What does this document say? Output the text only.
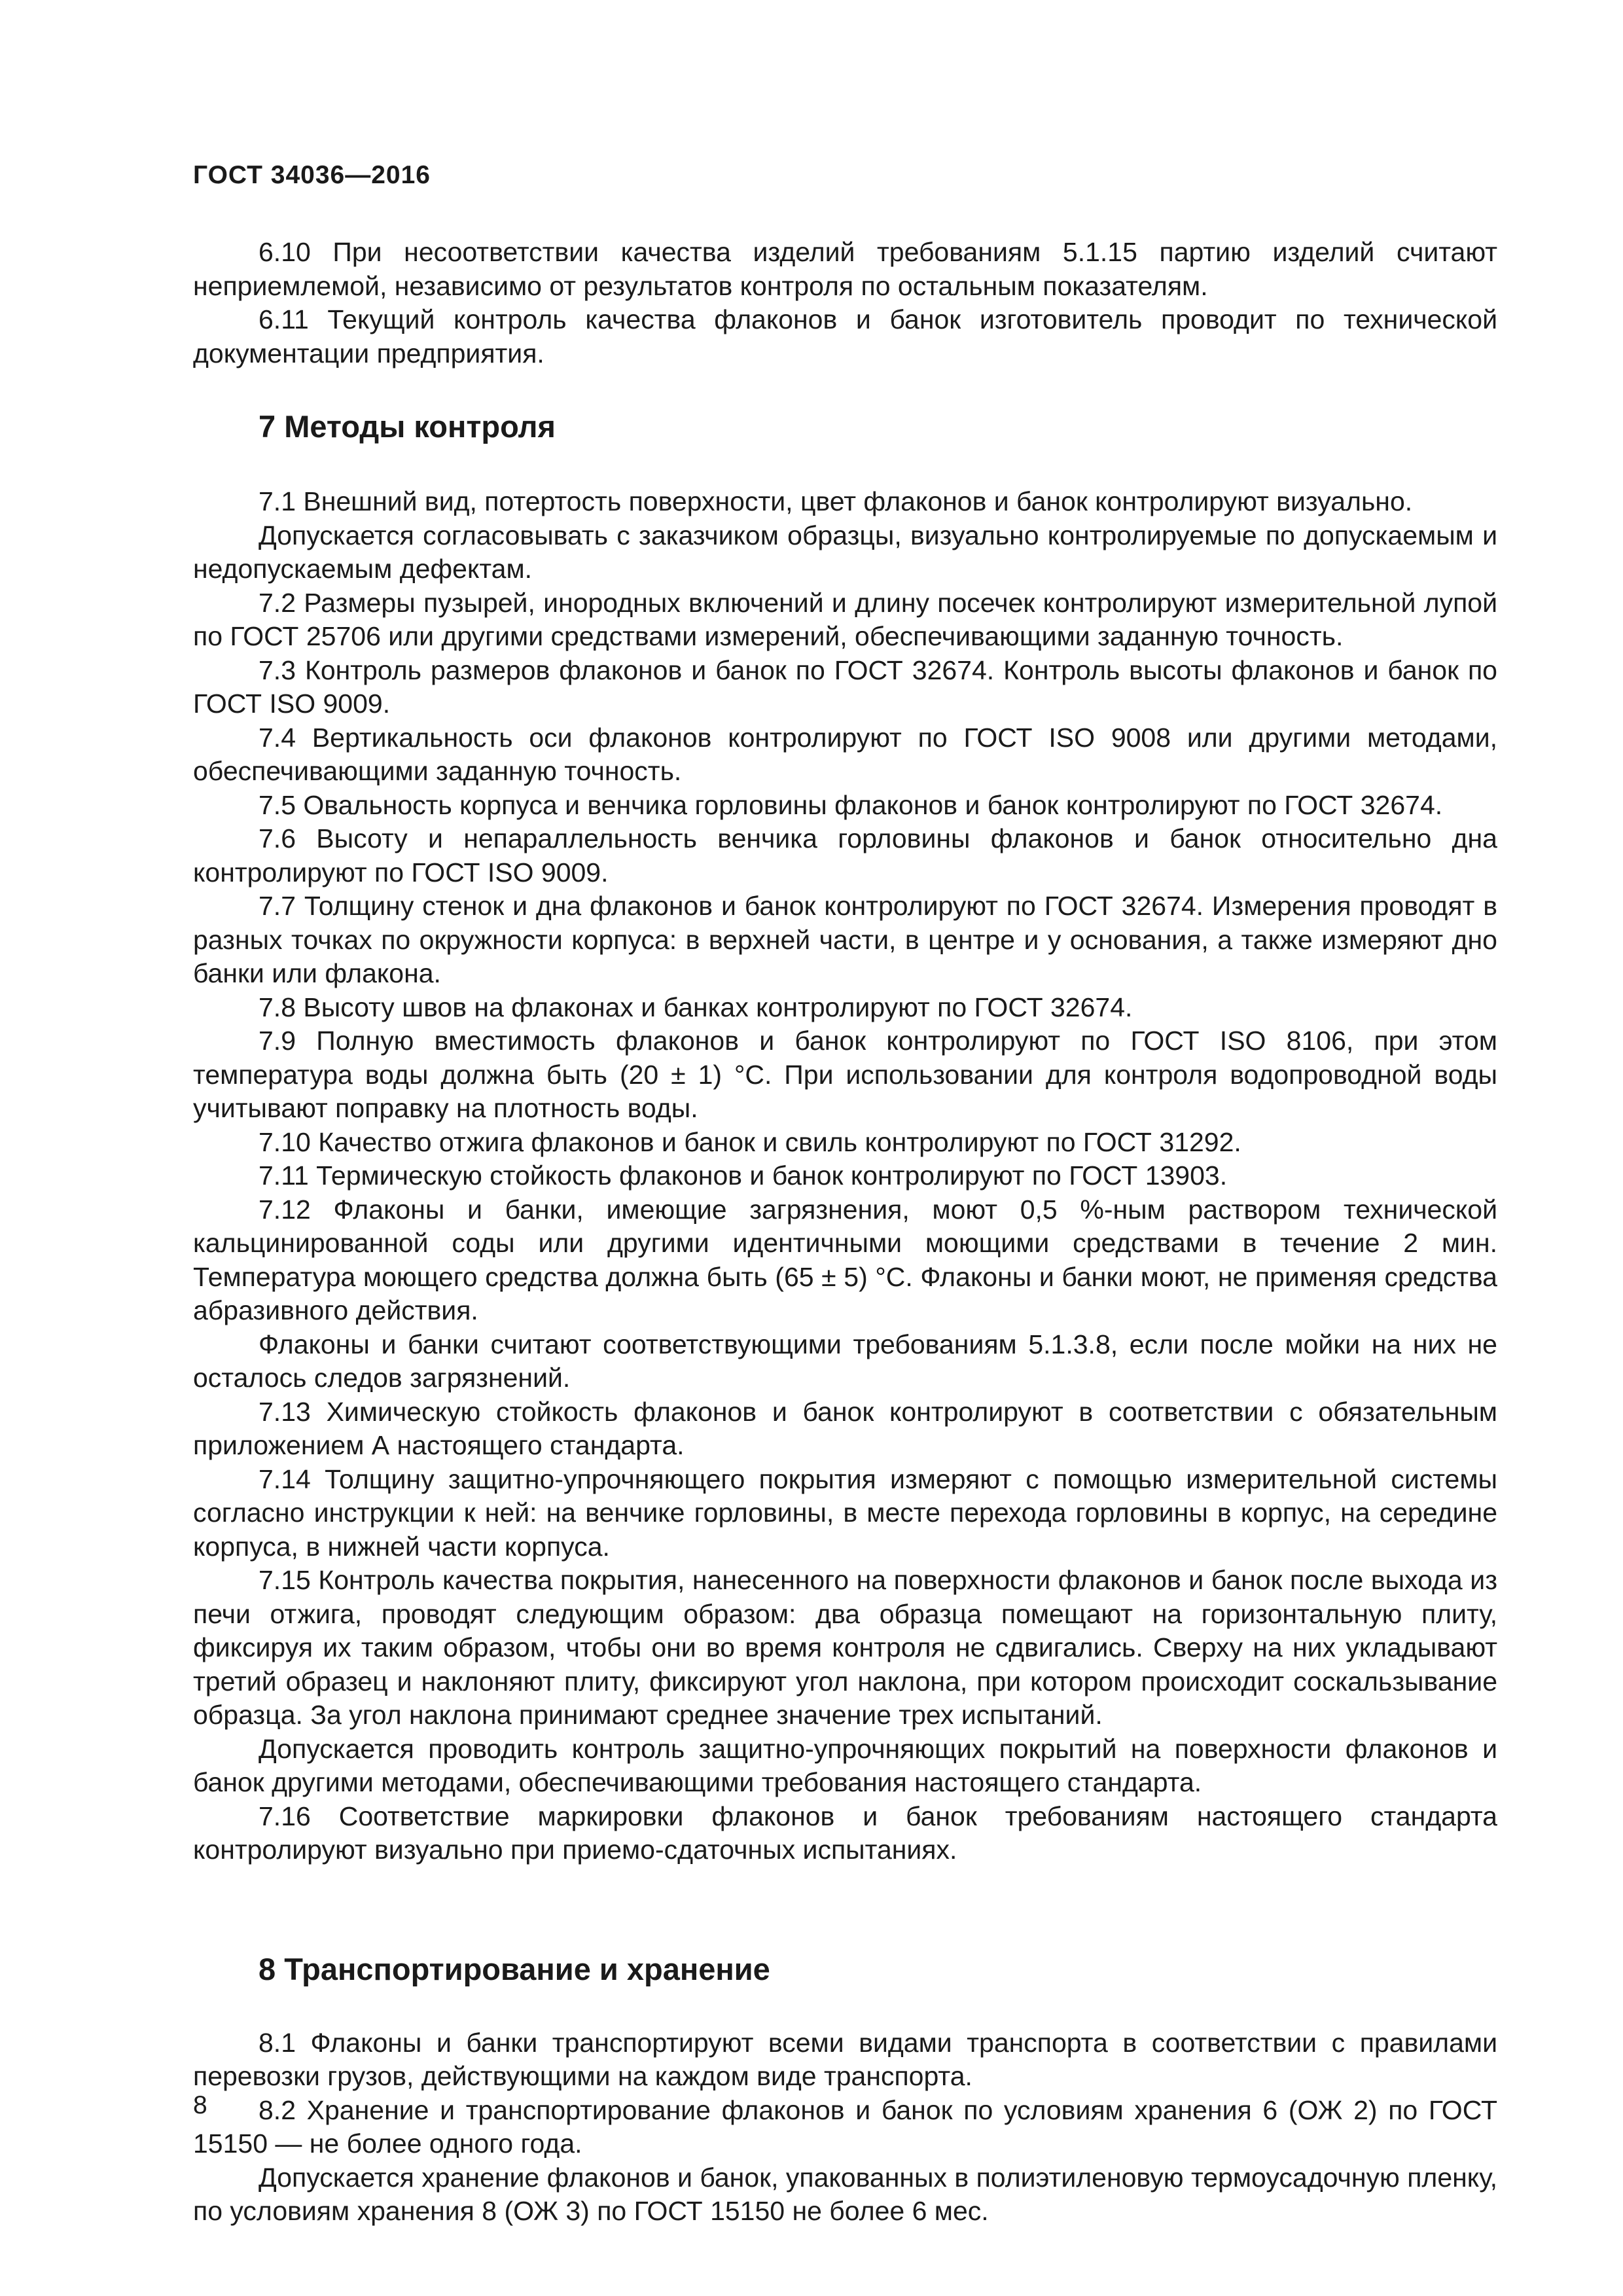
ГОСТ 34036—2016

6.10 При несоответствии качества изделий требованиям 5.1.15 партию изделий считают неприемлемой, независимо от результатов контроля по остальным показателям.

6.11 Текущий контроль качества флаконов и банок изготовитель проводит по технической документации предприятия.

7 Методы контроля

7.1 Внешний вид, потертость поверхности, цвет флаконов и банок контролируют визуально.

Допускается согласовывать с заказчиком образцы, визуально контролируемые по допускаемым и недопускаемым дефектам.

7.2 Размеры пузырей, инородных включений и длину посечек контролируют измерительной лупой по ГОСТ 25706 или другими средствами измерений, обеспечивающими заданную точность.

7.3 Контроль размеров флаконов и банок по ГОСТ 32674. Контроль высоты флаконов и банок по ГОСТ ISO 9009.

7.4 Вертикальность оси флаконов контролируют по ГОСТ ISO 9008 или другими методами, обеспечивающими заданную точность.

7.5 Овальность корпуса и венчика горловины флаконов и банок контролируют по ГОСТ 32674.

7.6 Высоту и непараллельность венчика горловины флаконов и банок относительно дна контролируют по ГОСТ ISO 9009.

7.7 Толщину стенок и дна флаконов и банок контролируют по ГОСТ 32674. Измерения проводят в разных точках по окружности корпуса: в верхней части, в центре и у основания, а также измеряют дно банки или флакона.

7.8 Высоту швов на флаконах и банках контролируют по ГОСТ 32674.

7.9 Полную вместимость флаконов и банок контролируют по ГОСТ ISO 8106, при этом температура воды должна быть (20 ± 1) °С. При использовании для контроля водопроводной воды учитывают поправку на плотность воды.

7.10 Качество отжига флаконов и банок и свиль контролируют по ГОСТ 31292.

7.11 Термическую стойкость флаконов и банок контролируют по ГОСТ 13903.

7.12 Флаконы и банки, имеющие загрязнения, моют 0,5 %-ным раствором технической кальцинированной соды или другими идентичными моющими средствами в течение 2 мин. Температура моющего средства должна быть (65 ± 5) °С. Флаконы и банки моют, не применяя средства абразивного действия.

Флаконы и банки считают соответствующими требованиям 5.1.3.8, если после мойки на них не осталось следов загрязнений.

7.13 Химическую стойкость флаконов и банок контролируют в соответствии с обязательным приложением А настоящего стандарта.

7.14 Толщину защитно-упрочняющего покрытия измеряют с помощью измерительной системы согласно инструкции к ней: на венчике горловины, в месте перехода горловины в корпус, на середине корпуса, в нижней части корпуса.

7.15 Контроль качества покрытия, нанесенного на поверхности флаконов и банок после выхода из печи отжига, проводят следующим образом: два образца помещают на горизонтальную плиту, фиксируя их таким образом, чтобы они во время контроля не сдвигались. Сверху на них укладывают третий образец и наклоняют плиту, фиксируют угол наклона, при котором происходит соскальзывание образца. За угол наклона принимают среднее значение трех испытаний.

Допускается проводить контроль защитно-упрочняющих покрытий на поверхности флаконов и банок другими методами, обеспечивающими требования настоящего стандарта.

7.16 Соответствие маркировки флаконов и банок требованиям настоящего стандарта контролируют визуально при приемо-сдаточных испытаниях.

8 Транспортирование и хранение

8.1 Флаконы и банки транспортируют всеми видами транспорта в соответствии с правилами перевозки грузов, действующими на каждом виде транспорта.

8.2 Хранение и транспортирование флаконов и банок по условиям хранения 6 (ОЖ 2) по ГОСТ 15150 — не более одного года.

Допускается хранение флаконов и банок, упакованных в полиэтиленовую термоусадочную пленку, по условиям хранения 8 (ОЖ 3) по ГОСТ 15150 не более 6 мес.

8
